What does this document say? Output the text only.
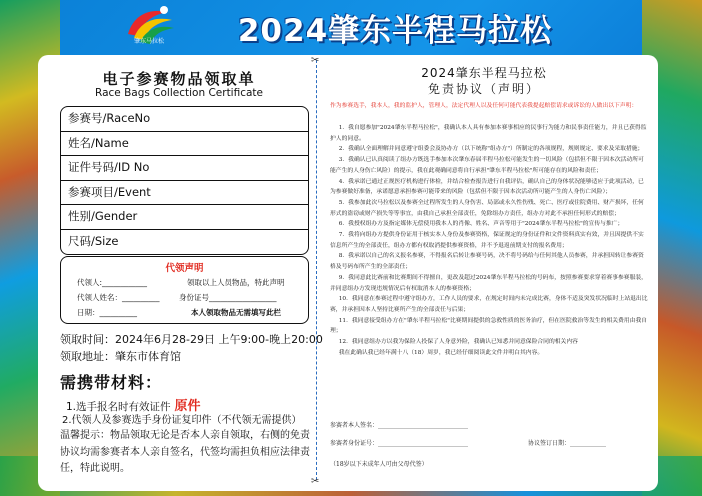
肇东马拉松	2024肇东半程马拉松
✂
✂
电子参赛物品领取单
Race Bags Collection Certificate
参赛号/RaceNo
姓名/Name
证件号码/ID No
参赛项目/Event
性别/Gender
尺码/Size
代领声明
代领人:____________	领取以上人员物品，特此声明
代领人姓名：__________	身份证号__________________
日期：__________	本人领取物品无需填写此栏
领取时间：2024年6月28-29日 上午9:00-晚上20:00
领取地址：肇东市体育馆
需携带材料：
1.选手报名时有效证件 原件
2.代领人及参赛选手身份证复印件（不代领无需提供）
温馨提示：物品领取无论是否本人亲自领取，右侧的免责协议均需参赛者本人亲自签名，代签均需担负相应法律责任，特此说明。
2024肇东半程马拉松
免责协议（声明）
作为参赛选手，我本人，我的监护人，管理人，法定代理人以及任何可能代表我提起赔偿请求或诉讼的人做出以下声明：

1．我自愿参加"2024肇东半程马拉松"，我确认本人具有参加本赛事相应的民事行为能力和民事责任能力，并且已获得监护人的同意。

2．我确认全面理解并同意遵守组委会及协办方（以下统称"组办方"）所制定的各项规程，规则规定、要求及采取措施；

3．我确认已认真阅读了组办方既选手参加本次肇东春届半程马拉松可能发生的一切风险（包括但不限于因本次活动所可能产生的人身伤亡风险）的提示，我在此观确同意将自行承担"肇东半程马拉松"所可能存在的风险和责任；

4．我承诺已通过正规医疗机构进行体检，并结合检查报告进行自我评估，确认自己的身体状况能够适应于此项活动，已为参赛做好准备，承诺愿意承担参赛可能带来的风险（包括但不限于因本次活动所可能产生的人身伤亡风险）；

5．我参加此次马拉松以及参赛全过程所发生的人身伤害、局部或永久性伤残、死亡、医疗或住院费用、财产损坏，任何形式的盗窃或财产损失等等事宜，由我自己承担全部责任，免除组办方责任，组办方对此不承担任何形式的赔偿；

6．我授权组办方及指定媒体无偿使用我本人的肖像、姓名、声音等用于"2024肇东半程马拉松"的宣传与推广；

7．我将向组办方提供身份证用于核实本人身份及参赛资格，保证规定的身份证件和文件资料真实有效，并且因提供不实信息所产生的全部责任，组办方都有权取消提供参赛资格，并不予退返前期支付的报名费用；

8．我承诺以自己的名义报名参赛，不得报名后转让参赛号码，决不将号码给与任何其他人员参赛，并承担因转让参赛资格及号码布所产生的全部责任；

9．我同意此比赛前和比赛期间不得擅自，更改及超过2024肇东半程马拉松的号码布，按照参赛要求穿着赛事参赛服装，并同意组办方发现违规情况后有权取消本人的参赛资格；

10．我同意在参赛过程中遵守组办方，工作人员的要求，在规定时间内未完成比赛，身体不适及突发状况临时上站退出比赛，并承担因本人坚持比赛所产生的全部责任与后果；

11．我同意接受组办方在"肇东半程马拉松"比赛期间提供的急救性质的医务治疗，但在医院救治等发生的相关费用由我自理；

12．我同意组办方以我为保险人投保了人身意外险，我确认已知悉并同意保险合同的相关内容

我在此确认我已经年满十八（18）周岁，我已经仔细阅读此文件并明白其内容。

参赛者本人签名：______________________________
参赛者身份证号：______________________________	协议签订日期：____________
（18岁以下未成年人可由父母代签）
